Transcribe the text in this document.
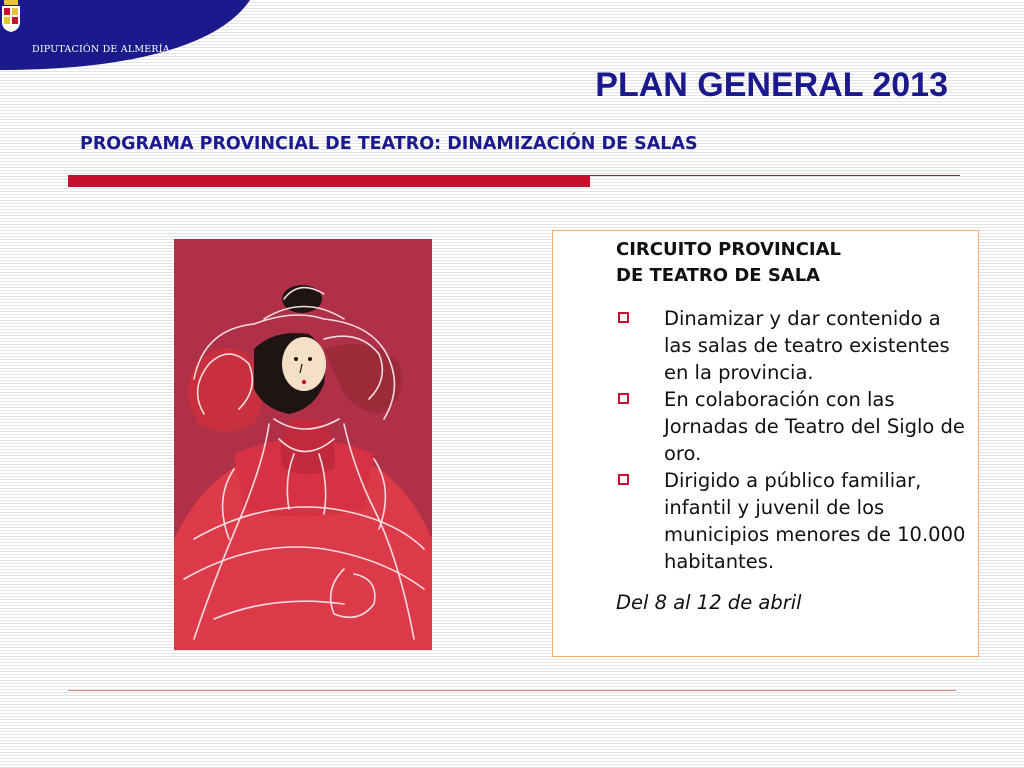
DIPUTACIÓN DE ALMERÍA
PLAN GENERAL 2013
PROGRAMA PROVINCIAL DE TEATRO: DINAMIZACIÓN DE SALAS
CIRCUITO PROVINCIAL
DE TEATRO DE SALA
Dinamizar y dar contenido a las salas de teatro existentes en la provincia.
En colaboración con las Jornadas de Teatro del Siglo de oro.
Dirigido a público familiar, infantil y juvenil de los municipios menores de 10.000 habitantes.
Del 8 al 12 de abril
